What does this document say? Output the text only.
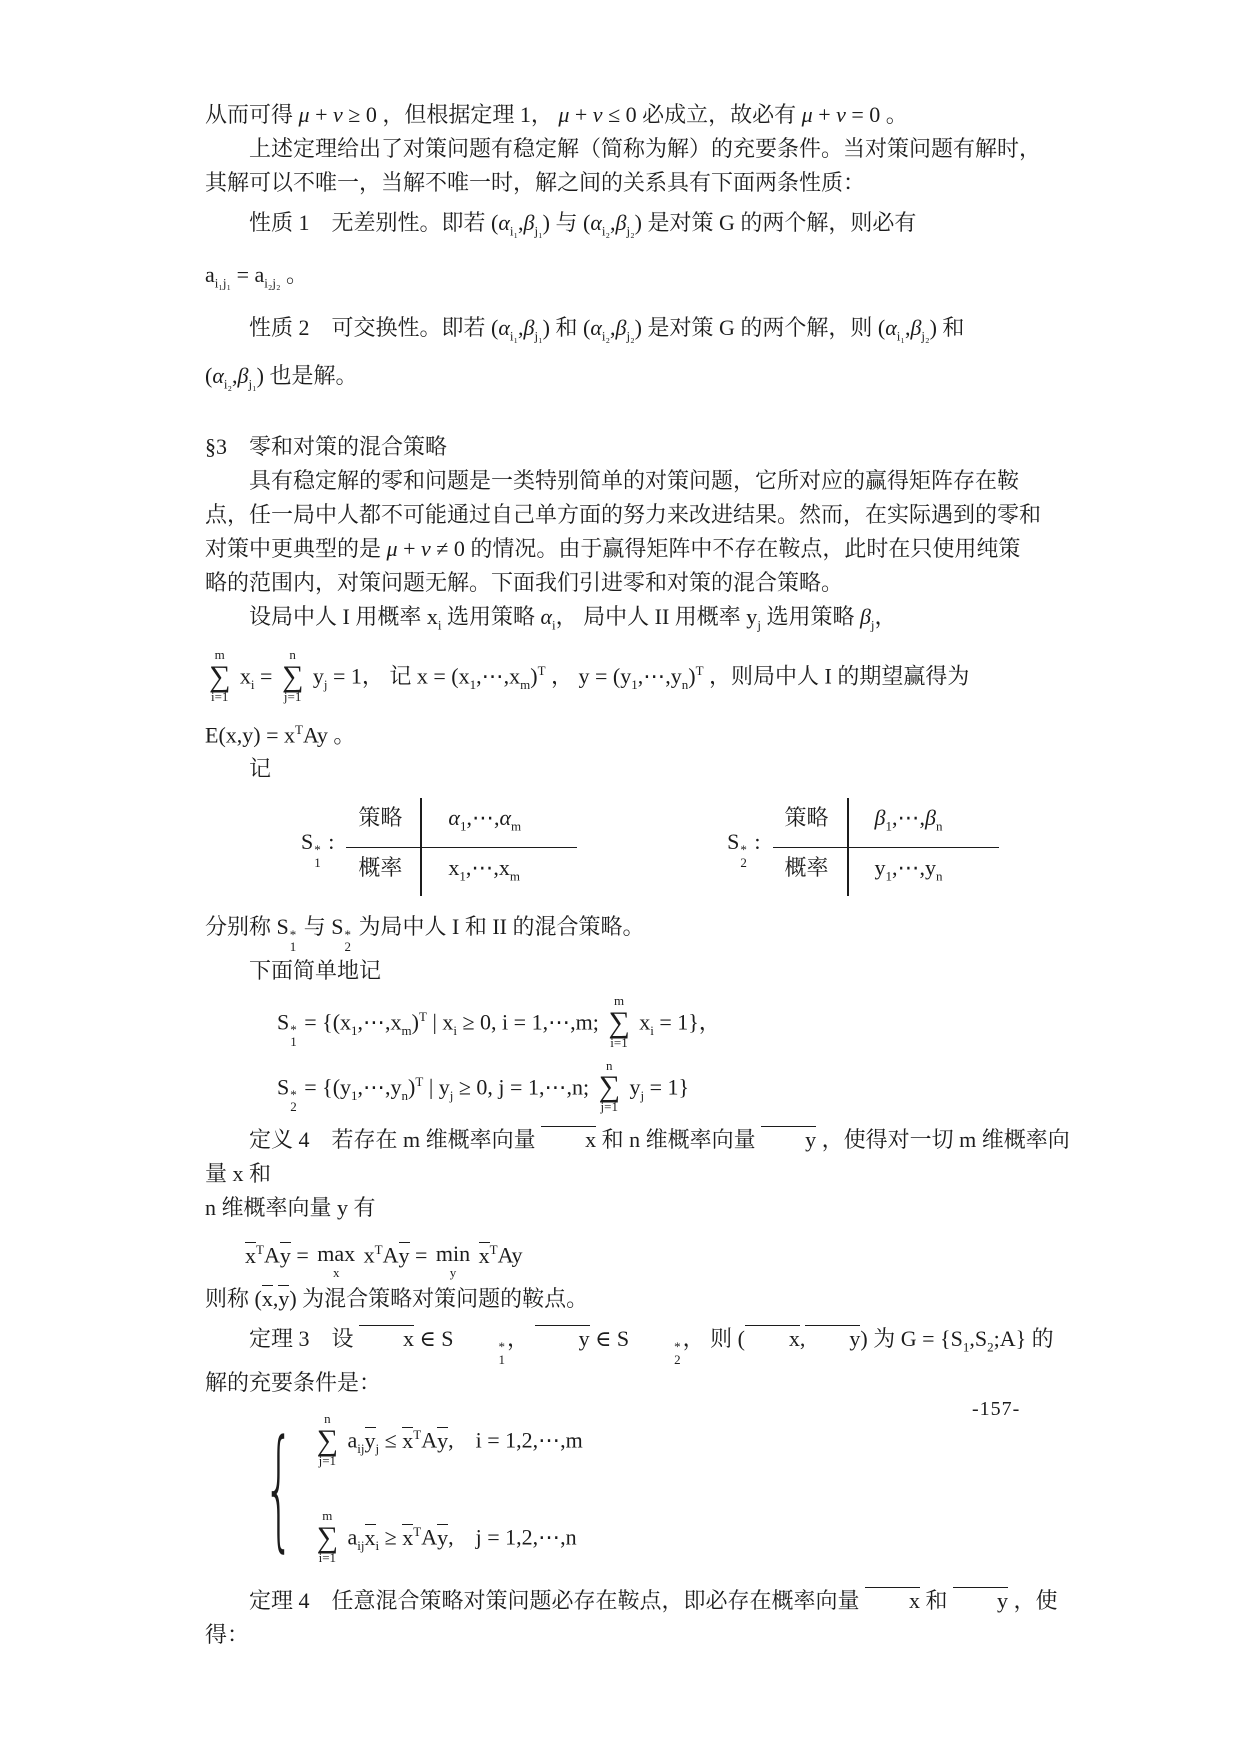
从而可得 μ + ν ≥ 0 ，但根据定理 1， μ + ν ≤ 0 必成立，故必有 μ + ν = 0 。
上述定理给出了对策问题有稳定解（简称为解）的充要条件。当对策问题有解时，
其解可以不唯一，当解不唯一时，解之间的关系具有下面两条性质：
性质 1　无差别性。即若 $(\alpha_{i_1},\beta_{j_1})$ 与 $(\alpha_{i_2},\beta_{j_2})$ 是对策 G 的两个解，则必有
$a_{i_1j_1} = a_{i_2j_2}$ 。
性质 2　可交换性。即若 $(\alpha_{i_1},\beta_{j_1})$ 和 $(\alpha_{i_2},\beta_{j_2})$ 是对策 G 的两个解，则 $(\alpha_{i_1},\beta_{j_2})$ 和
$(\alpha_{i_2},\beta_{j_1})$ 也是解。
§3　零和对策的混合策略
具有稳定解的零和问题是一类特别简单的对策问题，它所对应的赢得矩阵存在鞍
点，任一局中人都不可能通过自己单方面的努力来改进结果。然而，在实际遇到的零和
对策中更典型的是 μ + ν ≠ 0 的情况。由于赢得矩阵中不存在鞍点，此时在只使用纯策
略的范围内，对策问题无解。下面我们引进零和对策的混合策略。
设局中人 I 用概率 $x_i$ 选用策略 $\alpha_i$， 局中人 II 用概率 $y_j$ 选用策略 $\beta_j$，
m
∑
i=1
$x_i$ =
n
∑
j=1
$y_j = 1$， 记 $x = (x_1,\cdots,x_m)^T$ ， $y = (y_1,\cdots,y_n)^T$ ，则局中人 I 的期望赢得为
$E(x,y) = x^TAy$ 。
记
S *
1
:
策略	$\alpha_1,\cdots,\alpha_m$
概率	$x_1,\cdots,x_m$
S *
2
:
策略	$\beta_1,\cdots,\beta_n$
概率	$y_1,\cdots,y_n$
分别称 S *
1
与 S *
2
为局中人 I 和 II 的混合策略。
下面简单地记
S *
1
= {$(x_1,\cdots,x_m)^T$ | $x_i \ge 0$, i = 1,⋯,m;
m
∑
i=1
$x_i = 1$}，
S *
2
= {$(y_1,\cdots,y_n)^T$ | $y_j \ge 0$, j = 1,⋯,n;
n
∑
j=1
$y_j = 1$}
定义 4　若存在 m 维概率向量 x 和 n 维概率向量 y ，使得对一切 m 维概率向量 x 和
n 维概率向量 y 有
$x^TAy = \max$
x
$x^TAy = \min$
y
$x^TAy$
则称 (x,y) 为混合策略对策问题的鞍点。
定理 3　设 x ∈ S	*
1
， y ∈ S	*
2
， 则 ( x, y) 为 $G = \{S_1,S_2;A\}$ 的解的充要条件是：
{ n
∑
j=1
$a_{ij}y_j \le x^TAy$,    i = 1,2,⋯,m
m
∑
i=1
$a_{ij}x_i \ge x^TAy$,    j = 1,2,⋯,n
定理 4　任意混合策略对策问题必存在鞍点，即必存在概率向量 x 和 y ，使得：
-157-
